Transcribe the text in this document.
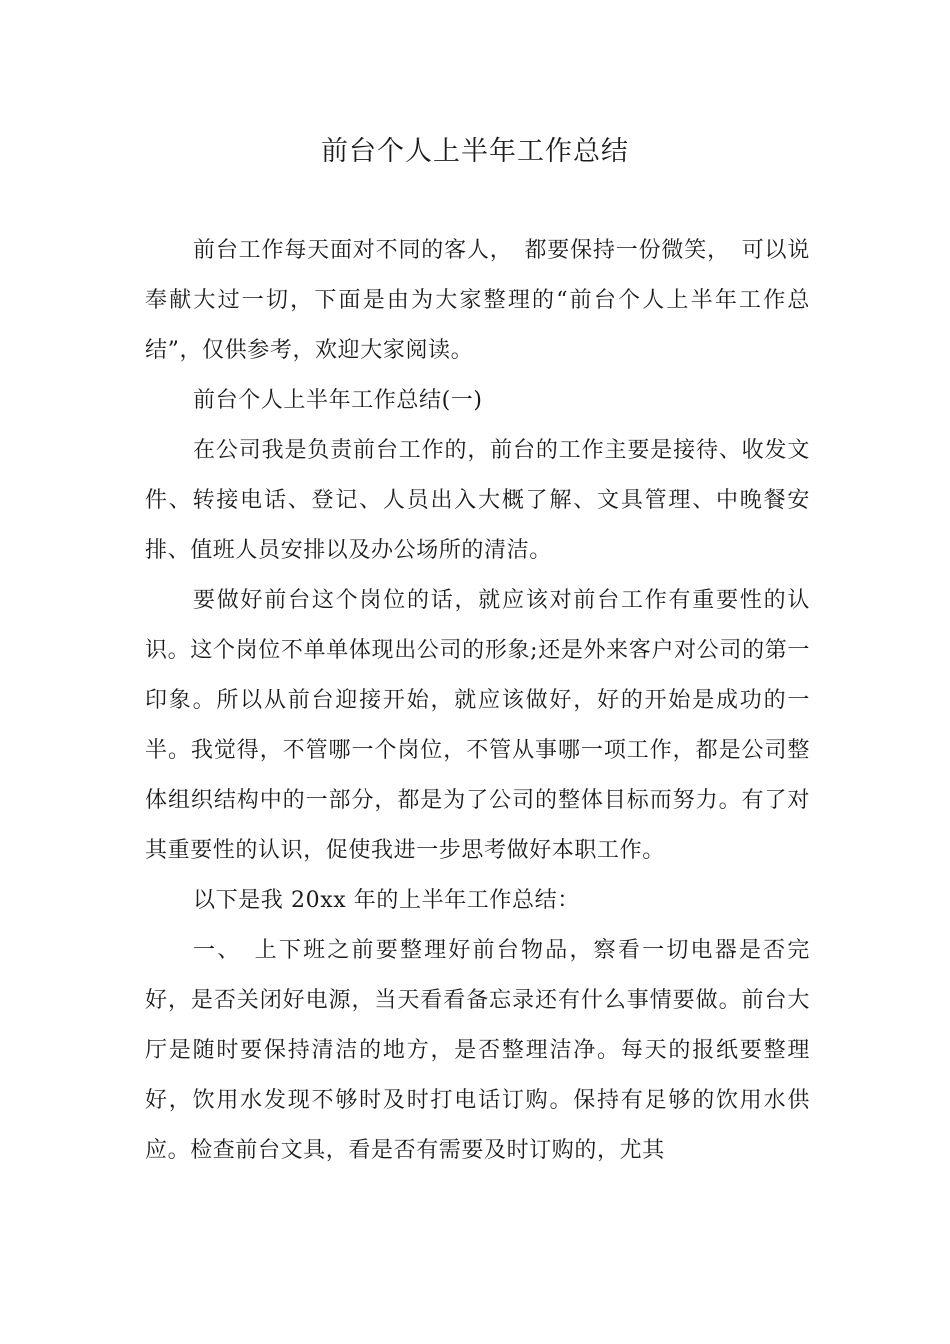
前台个人上半年工作总结

前台工作每天面对不同的客人，　都要保持一份微笑，　可以说奉献大过一切，下面是由为大家整理的“前台个人上半年工作总结”，仅供参考，欢迎大家阅读。

前台个人上半年工作总结(一)

在公司我是负责前台工作的，前台的工作主要是接待、收发文件、转接电话、登记、人员出入大概了解、文具管理、中晚餐安排、值班人员安排以及办公场所的清洁。

要做好前台这个岗位的话，就应该对前台工作有重要性的认识。这个岗位不单单体现出公司的形象;还是外来客户对公司的第一印象。所以从前台迎接开始，就应该做好，好的开始是成功的一半。我觉得，不管哪一个岗位，不管从事哪一项工作，都是公司整体组织结构中的一部分，都是为了公司的整体目标而努力。有了对其重要性的认识，促使我进一步思考做好本职工作。

以下是我 20xx 年的上半年工作总结：

一、　上下班之前要整理好前台物品，察看一切电器是否完好，是否关闭好电源，当天看看备忘录还有什么事情要做。前台大厅是随时要保持清洁的地方，是否整理洁净。每天的报纸要整理好，饮用水发现不够时及时打电话订购。保持有足够的饮用水供应。检查前台文具，看是否有需要及时订购的，尤其
